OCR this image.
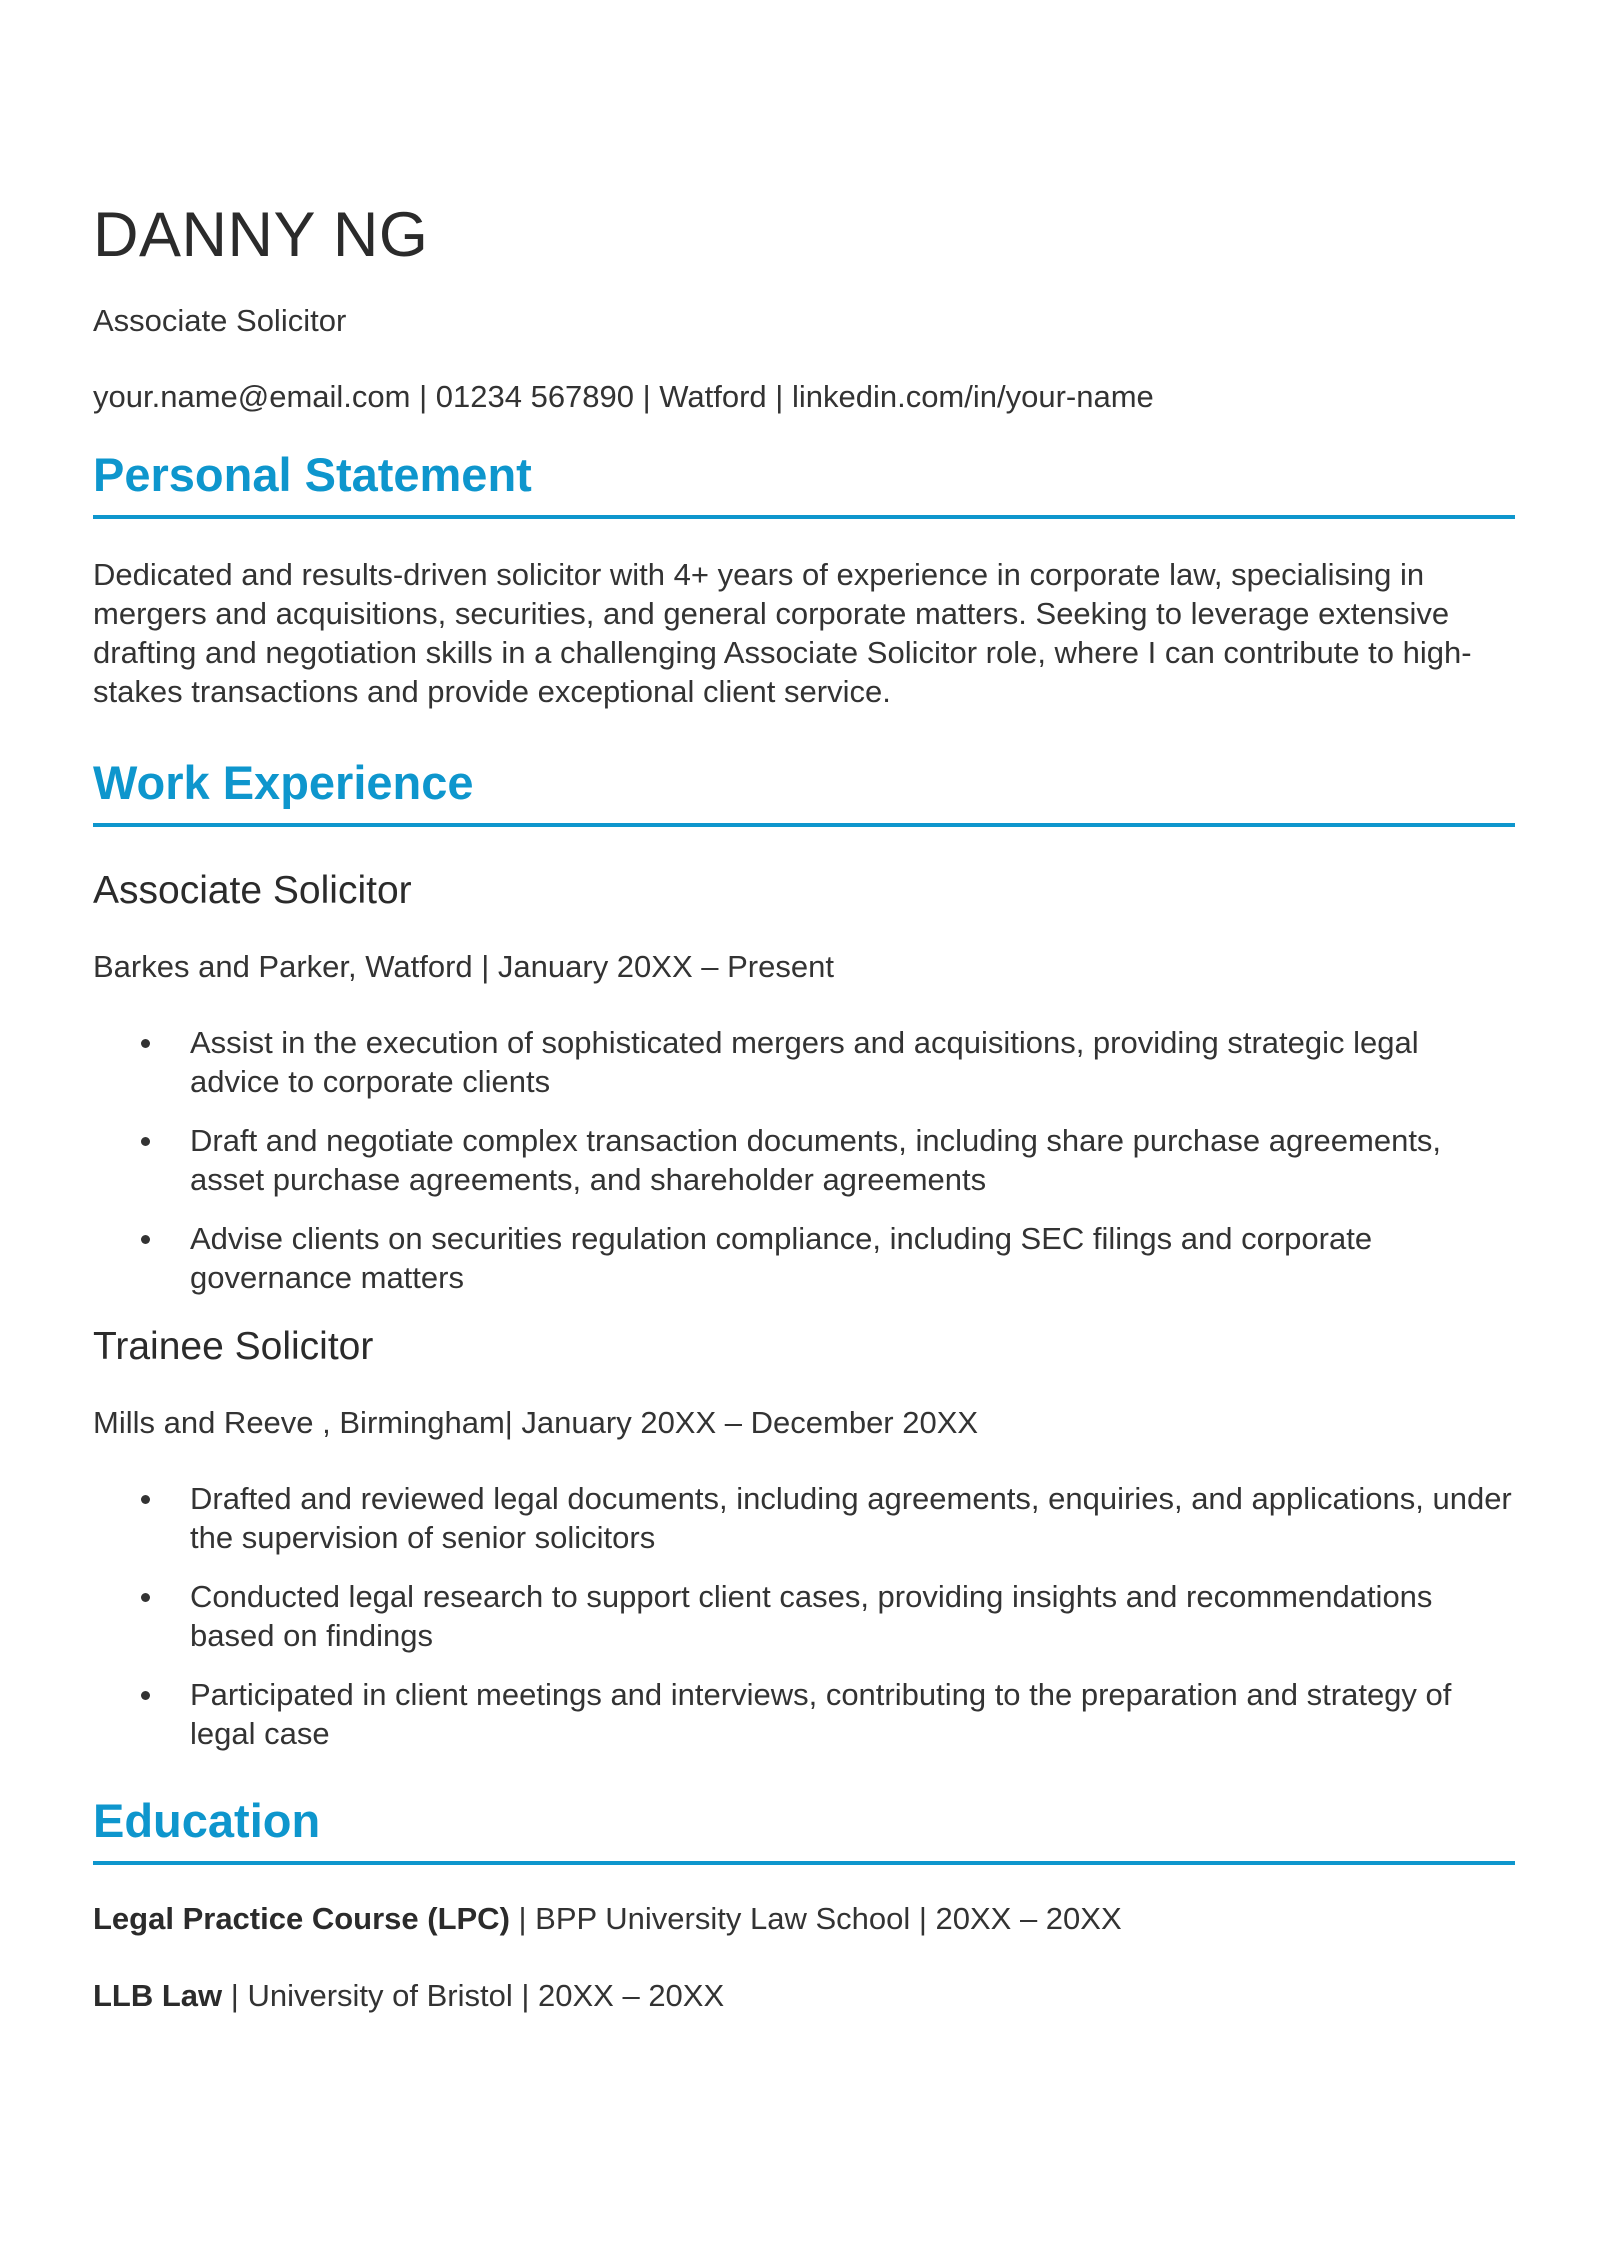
DANNY NG
Associate Solicitor
your.name@email.com | 01234 567890 | Watford | linkedin.com/in/your-name
Personal Statement
Dedicated and results-driven solicitor with 4+ years of experience in corporate law, specialising in mergers and acquisitions, securities, and general corporate matters. Seeking to leverage extensive drafting and negotiation skills in a challenging Associate Solicitor role, where I can contribute to high-stakes transactions and provide exceptional client service.
Work Experience
Associate Solicitor
Barkes and Parker, Watford | January 20XX – Present
Assist in the execution of sophisticated mergers and acquisitions, providing strategic legal advice to corporate clients
Draft and negotiate complex transaction documents, including share purchase agreements, asset purchase agreements, and shareholder agreements
Advise clients on securities regulation compliance, including SEC filings and corporate governance matters
Trainee Solicitor
Mills and Reeve , Birmingham| January 20XX – December 20XX
Drafted and reviewed legal documents, including agreements, enquiries, and applications, under the supervision of senior solicitors
Conducted legal research to support client cases, providing insights and recommendations based on findings
Participated in client meetings and interviews, contributing to the preparation and strategy of legal case
Education
Legal Practice Course (LPC) | BPP University Law School | 20XX – 20XX
LLB Law | University of Bristol | 20XX – 20XX
